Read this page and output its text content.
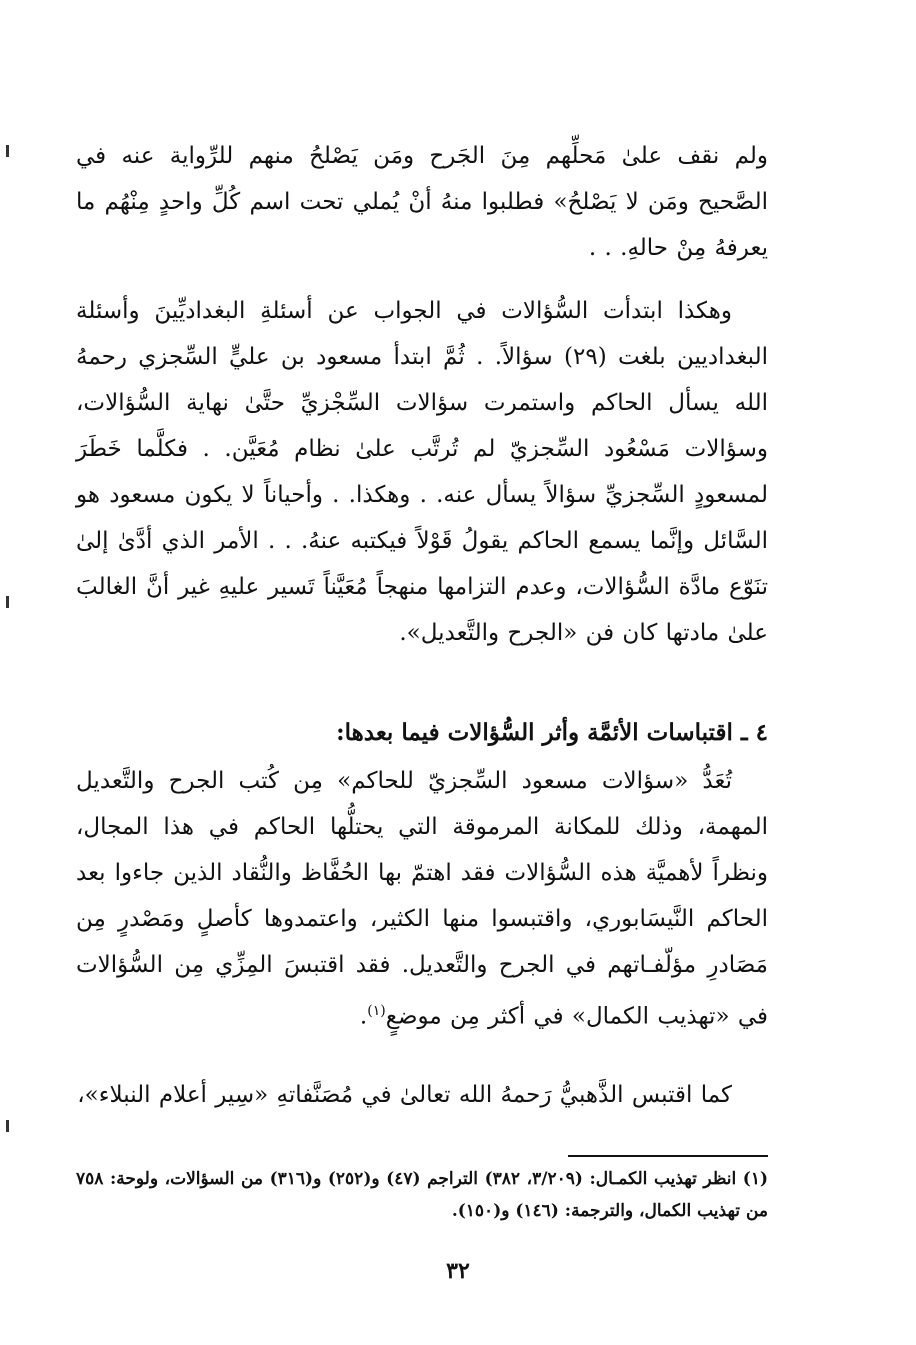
ولم نقف علىٰ مَحلِّهم مِنَ الجَرح ومَن يَصْلحُ منهم للرِّواية عنه في الصَّحيح ومَن لا يَصْلحُ» فطلبوا منهُ أنْ يُملي تحت اسم كُلِّ واحدٍ مِنْهُم ما يعرفهُ مِنْ حالهِ. . .

وهكذا ابتدأت السُّؤالات في الجواب عن أسئلةِ البغداديِّينَ وأسئلة البغداديين بلغت (٢٩) سؤالاً. . ثُمَّ ابتدأ مسعود بن عليٍّ السِّجزي رحمهُ الله يسأل الحاكم واستمرت سؤالات السِّجْزيِّ حتَّىٰ نهاية السُّؤالات، وسؤالات مَسْعُود السِّجزيّ لم تُرتَّب علىٰ نظام مُعَيَّن. . فكلَّما خَطَرَ لمسعودٍ السِّجزيِّ سؤالاً يسأل عنه. . وهكذا. . وأحياناً لا يكون مسعود هو السَّائل وإنَّما يسمع الحاكم يقولُ قَوْلاً فيكتبه عنهُ. . . الأمر الذي أدَّىٰ إلىٰ تنَوّع مادَّة السُّؤالات، وعدم التزامها منهجاً مُعَيَّناً تَسير عليهِ غير أنَّ الغالبَ علىٰ مادتها كان فن «الجرح والتَّعديل».

٤ ـ اقتباسات الأئمَّة وأثر السُّؤالات فيما بعدها:

تُعَدُّ «سؤالات مسعود السِّجزيّ للحاكم» مِن كُتب الجرح والتَّعديل المهمة، وذلك للمكانة المرموقة التي يحتلُّها الحاكم في هذا المجال، ونظراً لأهميَّة هذه السُّؤالات فقد اهتمّ بها الحُفَّاظ والنُّقاد الذين جاءوا بعد الحاكم النَّيسَابوري، واقتبسوا منها الكثير، واعتمدوها كأصلٍ ومَصْدرٍ مِن مَصَادرِ مؤلّفـاتهم في الجرح والتَّعديل. فقد اقتبسَ المِزِّي مِن السُّؤالات في «تهذيب الكمال» في أكثر مِن موضعٍ$^{(١)}$.

كما اقتبس الذَّهبيُّ رَحمهُ الله تعالىٰ في مُصَنَّفاتهِ «سِير أعلام النبلاء»،

(١) انظر تهذيب الكمـال: (٣/٢٠٩، ٣٨٢) التراجم (٤٧) و(٢٥٢) و(٣١٦) من السؤالات، ولوحة: ٧٥٨ من تهذيب الكمال، والترجمة: (١٤٦) و(١٥٠).

٣٢
